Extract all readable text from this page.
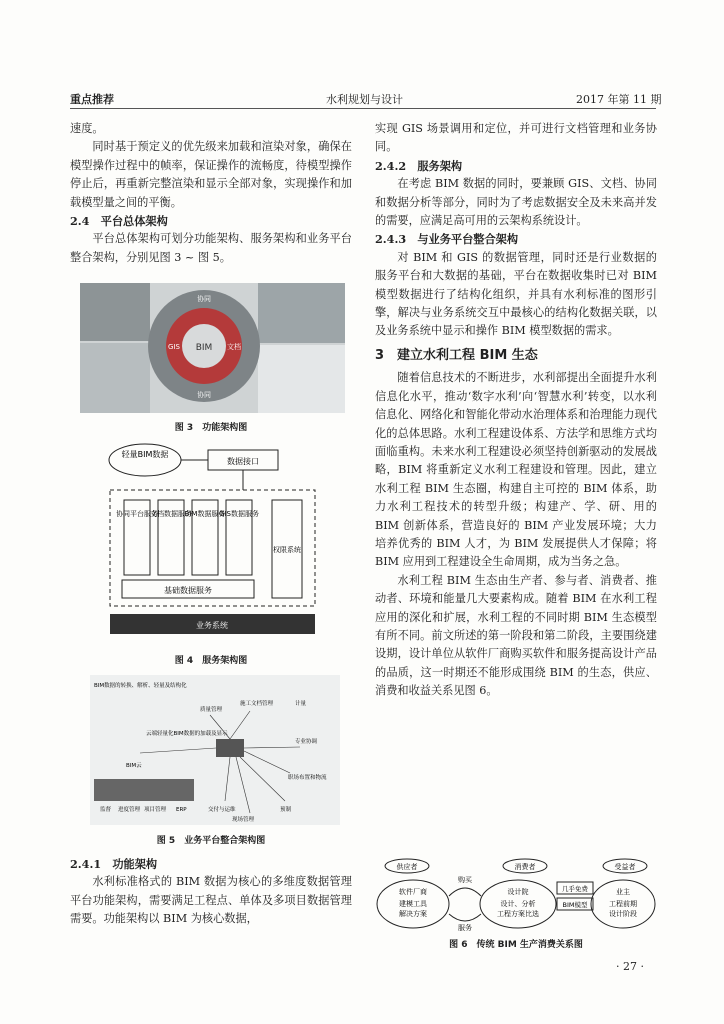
重点推荐	水利规划与设计	2017 年第 11 期

速度。

同时基于预定义的优先级来加载和渲染对象，确保在模型操作过程中的帧率，保证操作的流畅度，待模型操作停止后，再重新完整渲染和显示全部对象，实现操作和加载模型量之间的平衡。

2.4　平台总体架构

平台总体架构可划分功能架构、服务架构和业务平台整合架构，分别见图 3 ~ 图 5。

BIM
协同
GIS	文档
协同
图 3　功能架构图
轻量BIM数据
数据接口
协同平台服务
文档数据服务
BIM数据服务
GIS数据服务
基础数据服务
权限系统
业务系统
图 4　服务架构图
BIM数据的转换、解析、轻量及结构化
质量管理
施工文档管理	计量
云端轻量化BIM数据的加载及显示
BIM云
专业协调
职场布置和物流
交付与运维
现场管理
预制
监督 进度管理 项目管理 ERP
图 5　业务平台整合架构图

2.4.1　功能架构

水利标准格式的 BIM 数据为核心的多维度数据管理平台功能架构，需要满足工程点、单体及多项目数据管理需要。功能架构以 BIM 为核心数据，

实现 GIS 场景调用和定位，并可进行文档管理和业务协同。

2.4.2　服务架构

在考虑 BIM 数据的同时，要兼顾 GIS、文档、协同和数据分析等部分，同时为了考虑数据安全及未来高并发的需要，应满足高可用的云架构系统设计。

2.4.3　与业务平台整合架构

对 BIM 和 GIS 的数据管理，同时还是行业数据的服务平台和大数据的基础，平台在数据收集时已对 BIM 模型数据进行了结构化组织，并具有水利标准的图形引擎，解决与业务系统交互中最核心的结构化数据关联，以及业务系统中显示和操作 BIM 模型数据的需求。

3　建立水利工程 BIM 生态

随着信息技术的不断进步，水利部提出全面提升水利信息化水平，推动‘数字水利’向‘智慧水利’转变，以水利信息化、网络化和智能化带动水治理体系和治理能力现代化的总体思路。水利工程建设体系、方法学和思维方式均面临重构。未来水利工程建设必须坚持创新驱动的发展战略，BIM 将重新定义水利工程建设和管理。因此，建立水利工程 BIM 生态圈，构建自主可控的 BIM 体系，助力水利工程技术的转型升级；构建产、学、研、用的 BIM 创新体系，营造良好的 BIM 产业发展环境；大力培养优秀的 BIM 人才，为 BIM 发展提供人才保障；将 BIM 应用到工程建设全生命周期，成为当务之急。

水利工程 BIM 生态由生产者、参与者、消费者、推动者、环境和能量几大要素构成。随着 BIM 在水利工程应用的深化和扩展，水利工程的不同时期 BIM 生态模型有所不同。前文所述的第一阶段和第二阶段，主要围绕建设期，设计单位从软件厂商购买软件和服务提高设计产品的品质，这一时期还不能形成围绕 BIM 的生态，供应、消费和收益关系见图 6。

供应者	消费者	受益者
软件厂商
建模工具
解决方案
设计院
设计、分析
工程方案比选
业主
工程前期
设计阶段
购买
服务
几乎免费
BIM模型
图 6　传统 BIM 生产消费关系图
· 27 ·
